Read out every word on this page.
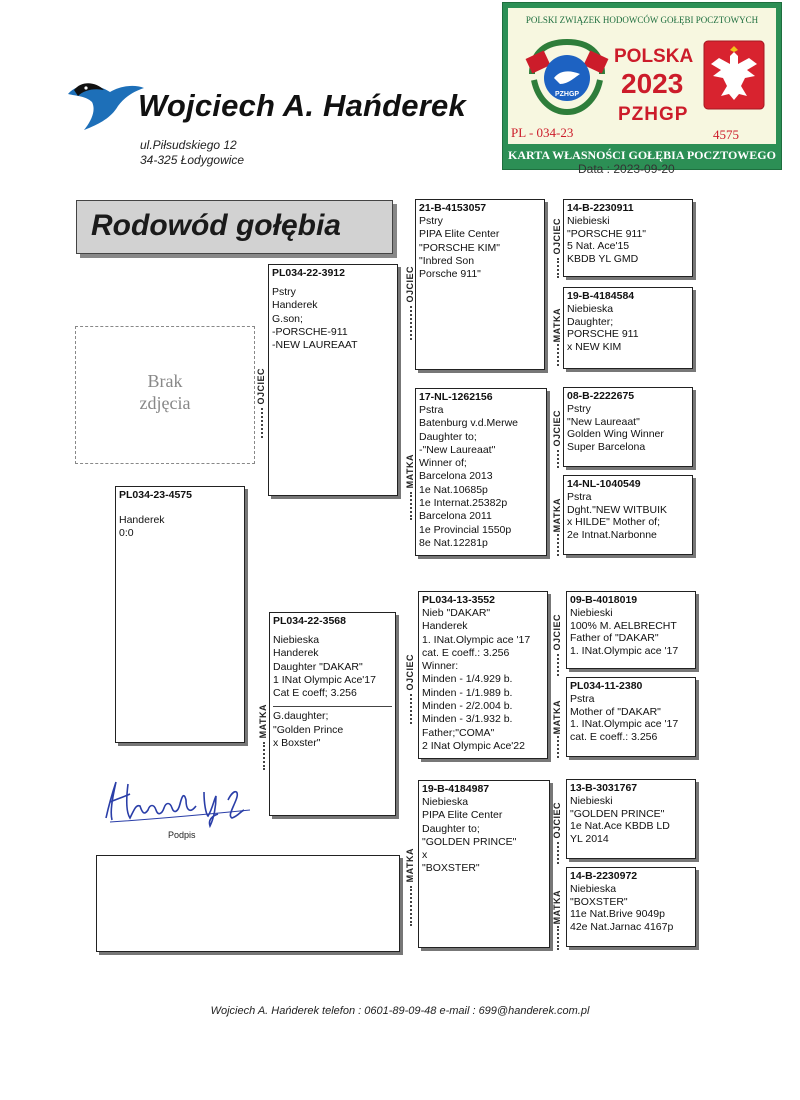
Wojciech A. Hańderek
ul.Piłsudskiego 12
34-325 Łodygowice
POLSKI ZWIĄZEK HODOWCÓW GOŁĘBI POCZTOWYCH
PZHGP
POLSKA
2023
PZHGP
PL - 034-23	4575
KARTA WŁASNOŚCI GOŁĘBIA POCZTOWEGO
Data : 2023-09-20
Rodowód gołębia
Brak
zdjęcia
PL034-23-4575
Handerek
0:0
OJCIEC
PL034-22-3912
Pstry
Handerek
G.son;
-PORSCHE-911
-NEW LAUREAAT
MATKA
PL034-22-3568
Niebieska
Handerek
Daughter "DAKAR"
1 INat Olympic Ace'17
Cat E coeff; 3.256
G.daughter;
"Golden Prince
x Boxster"
OJCIEC
21-B-4153057
Pstry
PIPA Elite Center
"PORSCHE KIM"
"Inbred Son
Porsche 911"
MATKA
17-NL-1262156
Pstra
Batenburg v.d.Merwe
Daughter to;
-"New Laureaat"
Winner of;
Barcelona 2013
1e Nat.10685p
1e Internat.25382p
Barcelona 2011
1e Provincial 1550p
8e Nat.12281p
OJCIEC
PL034-13-3552
Nieb "DAKAR"
Handerek
1. INat.Olympic ace '17
cat. E coeff.: 3.256
Winner:
Minden - 1/4.929 b.
Minden - 1/1.989 b.
Minden - 2/2.004 b.
Minden - 3/1.932 b.
Father;"COMA"
2 INat Olympic Ace'22
MATKA
19-B-4184987
Niebieska
PIPA Elite Center
Daughter to;
"GOLDEN PRINCE"
x
"BOXSTER"
OJCIEC
14-B-2230911
Niebieski
"PORSCHE 911"
5 Nat. Ace'15
KBDB YL GMD
MATKA
19-B-4184584
Niebieska
Daughter;
PORSCHE 911
x NEW KIM
OJCIEC
08-B-2222675
Pstry
"New Laureaat"
Golden Wing Winner
Super Barcelona
MATKA
14-NL-1040549
Pstra
Dght."NEW WITBUIK
x HILDE" Mother of;
2e Intnat.Narbonne
OJCIEC
09-B-4018019
Niebieski
100% M. AELBRECHT
Father of "DAKAR"
1. INat.Olympic ace '17
MATKA
PL034-11-2380
Pstra
Mother of "DAKAR"
1. INat.Olympic ace '17
cat. E coeff.: 3.256
OJCIEC
13-B-3031767
Niebieski
"GOLDEN PRINCE"
1e Nat.Ace KBDB LD
YL 2014
MATKA
14-B-2230972
Niebieska
"BOXSTER"
11e Nat.Brive 9049p
42e Nat.Jarnac 4167p
Podpis
Wojciech A. Hańderek telefon : 0601-89-09-48 e-mail : 699@handerek.com.pl
